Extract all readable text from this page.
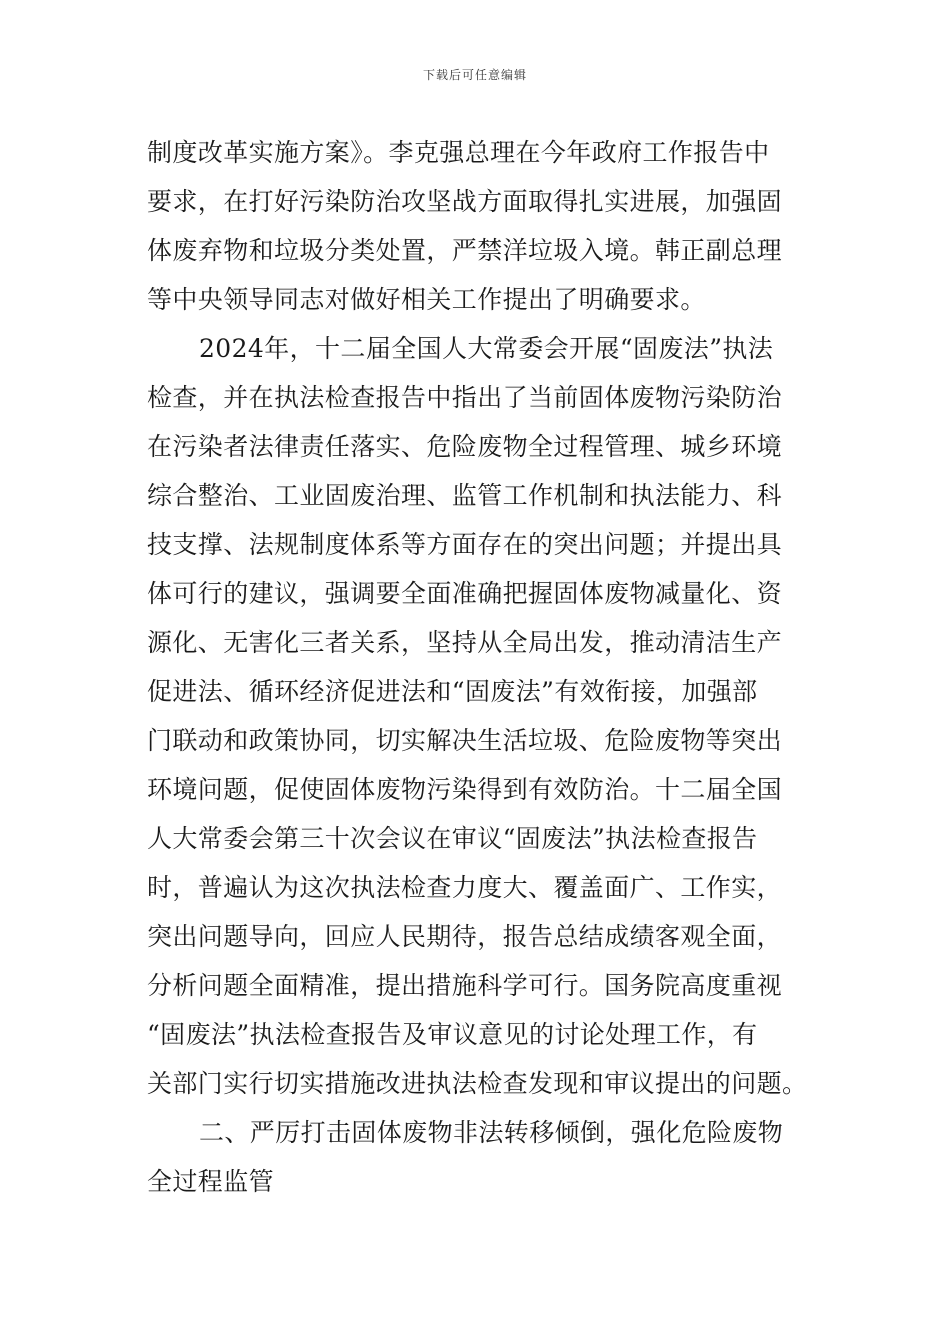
下载后可任意编辑
制度改革实施方案》。李克强总理在今年政府工作报告中
要求，在打好污染防治攻坚战方面取得扎实进展，加强固
体废弃物和垃圾分类处置，严禁洋垃圾入境。韩正副总理
等中央领导同志对做好相关工作提出了明确要求。
2024年，十二届全国人大常委会开展“固废法”执法
检查，并在执法检查报告中指出了当前固体废物污染防治
在污染者法律责任落实、危险废物全过程管理、城乡环境
综合整治、工业固废治理、监管工作机制和执法能力、科
技支撑、法规制度体系等方面存在的突出问题；并提出具
体可行的建议，强调要全面准确把握固体废物减量化、资
源化、无害化三者关系，坚持从全局出发，推动清洁生产
促进法、循环经济促进法和“固废法”有效衔接，加强部
门联动和政策协同，切实解决生活垃圾、危险废物等突出
环境问题，促使固体废物污染得到有效防治。十二届全国
人大常委会第三十次会议在审议“固废法”执法检查报告
时，普遍认为这次执法检查力度大、覆盖面广、工作实，
突出问题导向，回应人民期待，报告总结成绩客观全面，
分析问题全面精准，提出措施科学可行。国务院高度重视
“固废法”执法检查报告及审议意见的讨论处理工作，有
关部门实行切实措施改进执法检查发现和审议提出的问题。
二、严厉打击固体废物非法转移倾倒，强化危险废物
全过程监管
